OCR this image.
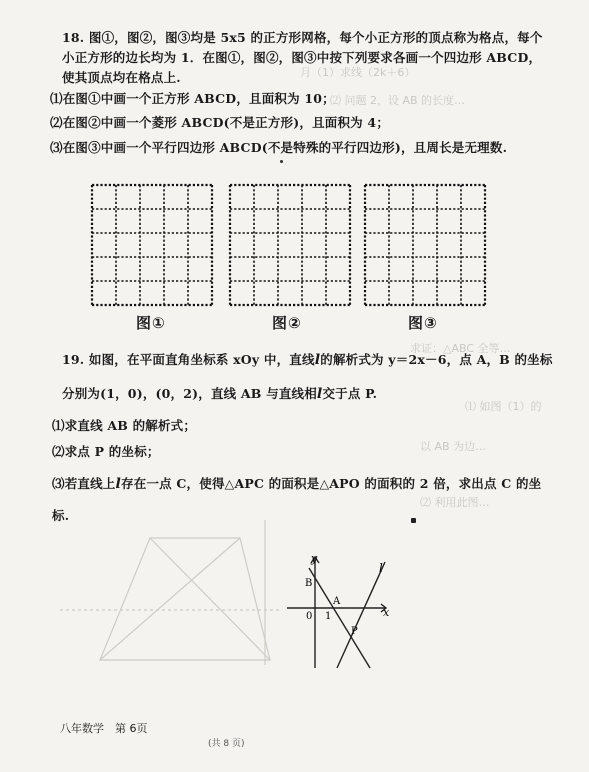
月（1）求线（2k＋6）
⑵ 问题 2，设 AB 的长度…
求证：△ABC 全等…
⑴ 如图（1）的
以 AB 为边…
⑵ 利用此图…
18. 图①，图②，图③均是 5x5 的正方形网格，每个小正方形的顶点称为格点，每个
小正方形的边长均为 1．在图①，图②，图③中按下列要求各画一个四边形 ABCD，
使其顶点均在格点上.
⑴在图①中画一个正方形 ABCD，且面积为 10；
⑵在图②中画一个菱形 ABCD(不是正方形)，且面积为 4；
⑶在图③中画一个平行四边形 ABCD(不是特殊的平行四边形)，且周长是无理数.
图①	图②	图③
19. 如图，在平面直角坐标系 xOy 中，直线l的解析式为 y＝2x－6，点 A，B 的坐标
分别为(1，0)，(0，2)，直线 AB 与直线相l交于点 P.
⑴求直线 AB 的解析式；
⑵求点 P 的坐标；
⑶若直线上l存在一点 C，使得△APC 的面积是△APO 的面积的 2 倍，求出点 C 的坐
标.
y
x
0 1
B
A
P
l
八年数学　第 6页
(共 8 页)
